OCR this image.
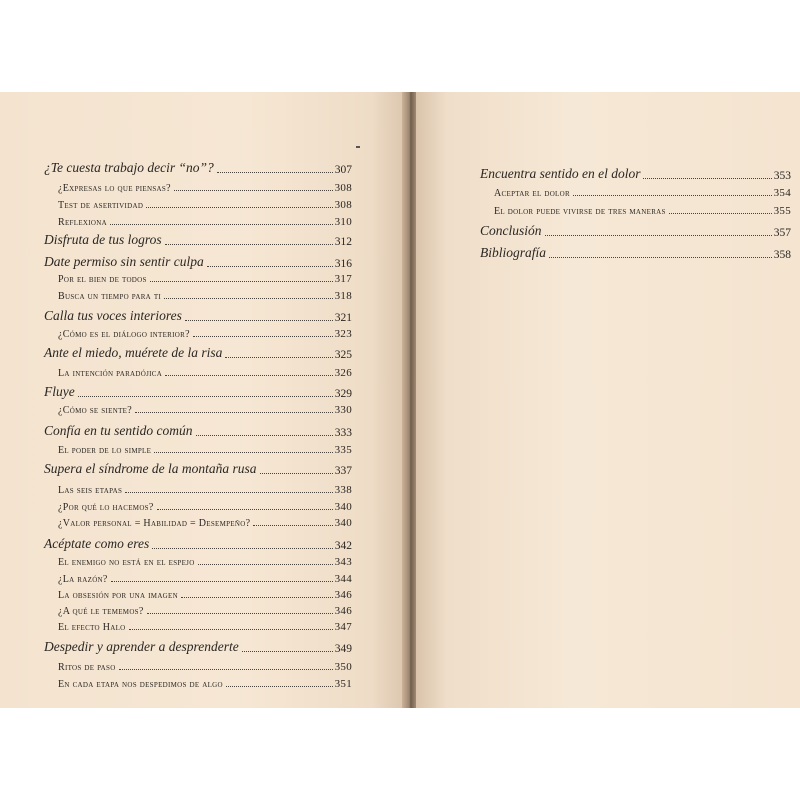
¿Te cuesta trabajo decir “no”?	307
¿Expresas lo que piensas?	308
Test de asertividad	308
Reflexiona	310
Disfruta de tus logros	312
Date permiso sin sentir culpa	316
Por el bien de todos	317
Busca un tiempo para ti	318
Calla tus voces interiores	321
¿Cómo es el diálogo interior?	323
Ante el miedo, muérete de la risa	325
La intención paradójica	326
Fluye	329
¿Cómo se siente?	330
Confía en tu sentido común	333
El poder de lo simple	335
Supera el síndrome de la montaña rusa	337
Las seis etapas	338
¿Por qué lo hacemos?	340
¿Valor personal = Habilidad = Desempeño?	340
Acéptate como eres	342
El enemigo no está en el espejo	343
¿La razón?	344
La obsesión por una imagen	346
¿A qué le tememos?	346
El efecto Halo	347
Despedir y aprender a desprenderte	349
Ritos de paso	350
En cada etapa nos despedimos de algo	351
Encuentra sentido en el dolor	353
Aceptar el dolor	354
El dolor puede vivirse de tres maneras	355
Conclusión	357
Bibliografía	358
